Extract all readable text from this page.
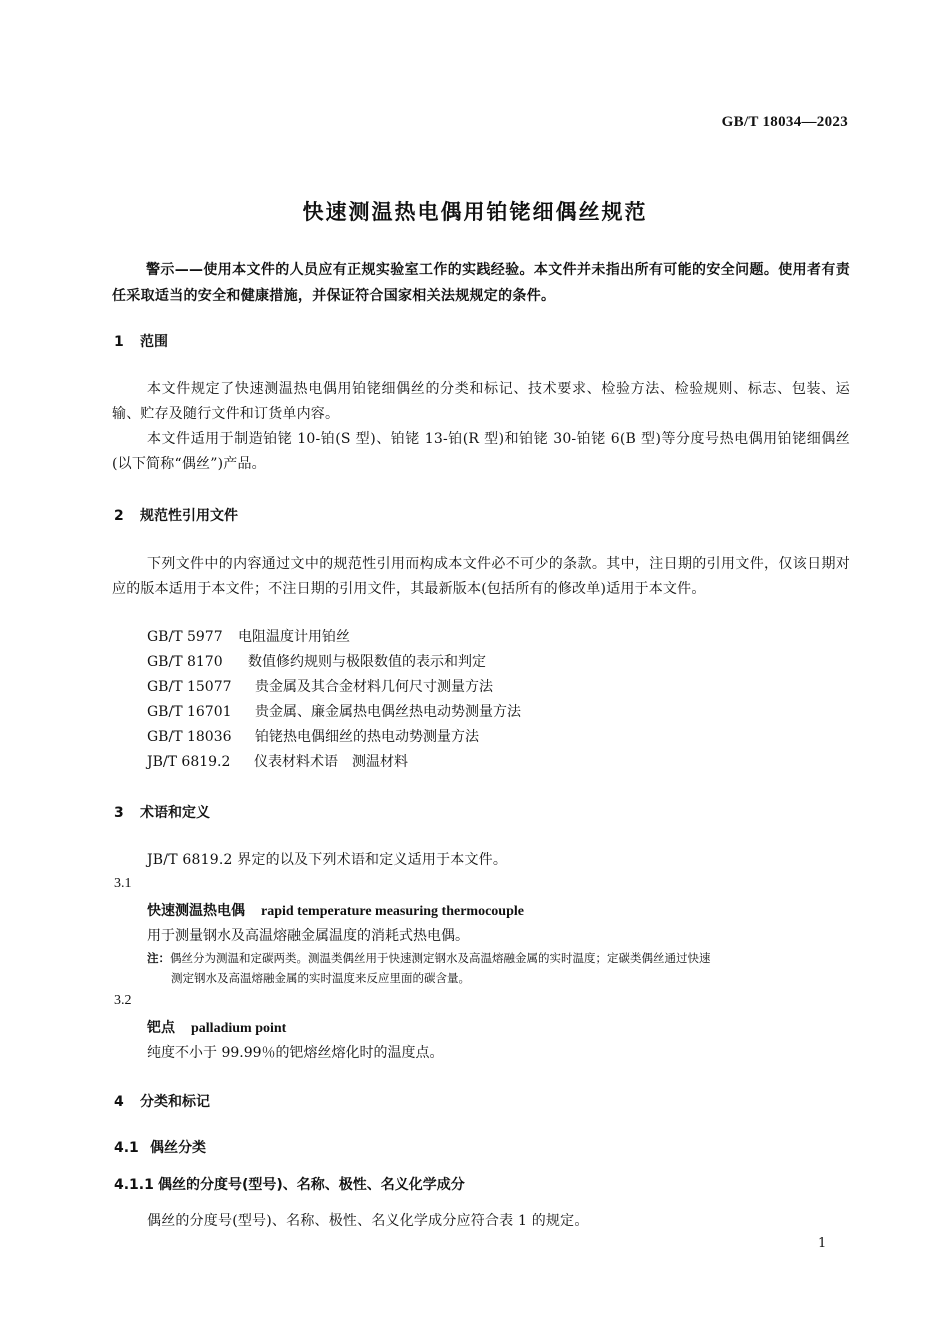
GB/T 18034—2023
快速测温热电偶用铂铑细偶丝规范
警示——使用本文件的人员应有正规实验室工作的实践经验。本文件并未指出所有可能的安全问题。使用者有责任采取适当的安全和健康措施，并保证符合国家相关法规规定的条件。
1 范围
本文件规定了快速测温热电偶用铂铑细偶丝的分类和标记、技术要求、检验方法、检验规则、标志、包装、运输、贮存及随行文件和订货单内容。
本文件适用于制造铂铑 10-铂(S 型)、铂铑 13-铂(R 型)和铂铑 30-铂铑 6(B 型)等分度号热电偶用铂铑细偶丝(以下简称“偶丝”)产品。
2 规范性引用文件
下列文件中的内容通过文中的规范性引用而构成本文件必不可少的条款。其中，注日期的引用文件，仅该日期对应的版本适用于本文件；不注日期的引用文件，其最新版本(包括所有的修改单)适用于本文件。
GB/T 5977 电阻温度计用铂丝
GB/T 8170 数值修约规则与极限数值的表示和判定
GB/T 15077 贵金属及其合金材料几何尺寸测量方法
GB/T 16701 贵金属、廉金属热电偶丝热电动势测量方法
GB/T 18036 铂铑热电偶细丝的热电动势测量方法
JB/T 6819.2 仪表材料术语　测温材料
3 术语和定义
JB/T 6819.2 界定的以及下列术语和定义适用于本文件。
3.1
快速测温热电偶 rapid temperature measuring thermocouple
用于测量钢水及高温熔融金属温度的消耗式热电偶。
注：偶丝分为测温和定碳两类。测温类偶丝用于快速测定钢水及高温熔融金属的实时温度；定碳类偶丝通过快速
测定钢水及高温熔融金属的实时温度来反应里面的碳含量。
3.2
钯点 palladium point
纯度不小于 99.99％的钯熔丝熔化时的温度点。
4 分类和标记
4.1 偶丝分类
4.1.1 偶丝的分度号(型号)、名称、极性、名义化学成分
偶丝的分度号(型号)、名称、极性、名义化学成分应符合表 1 的规定。
1
